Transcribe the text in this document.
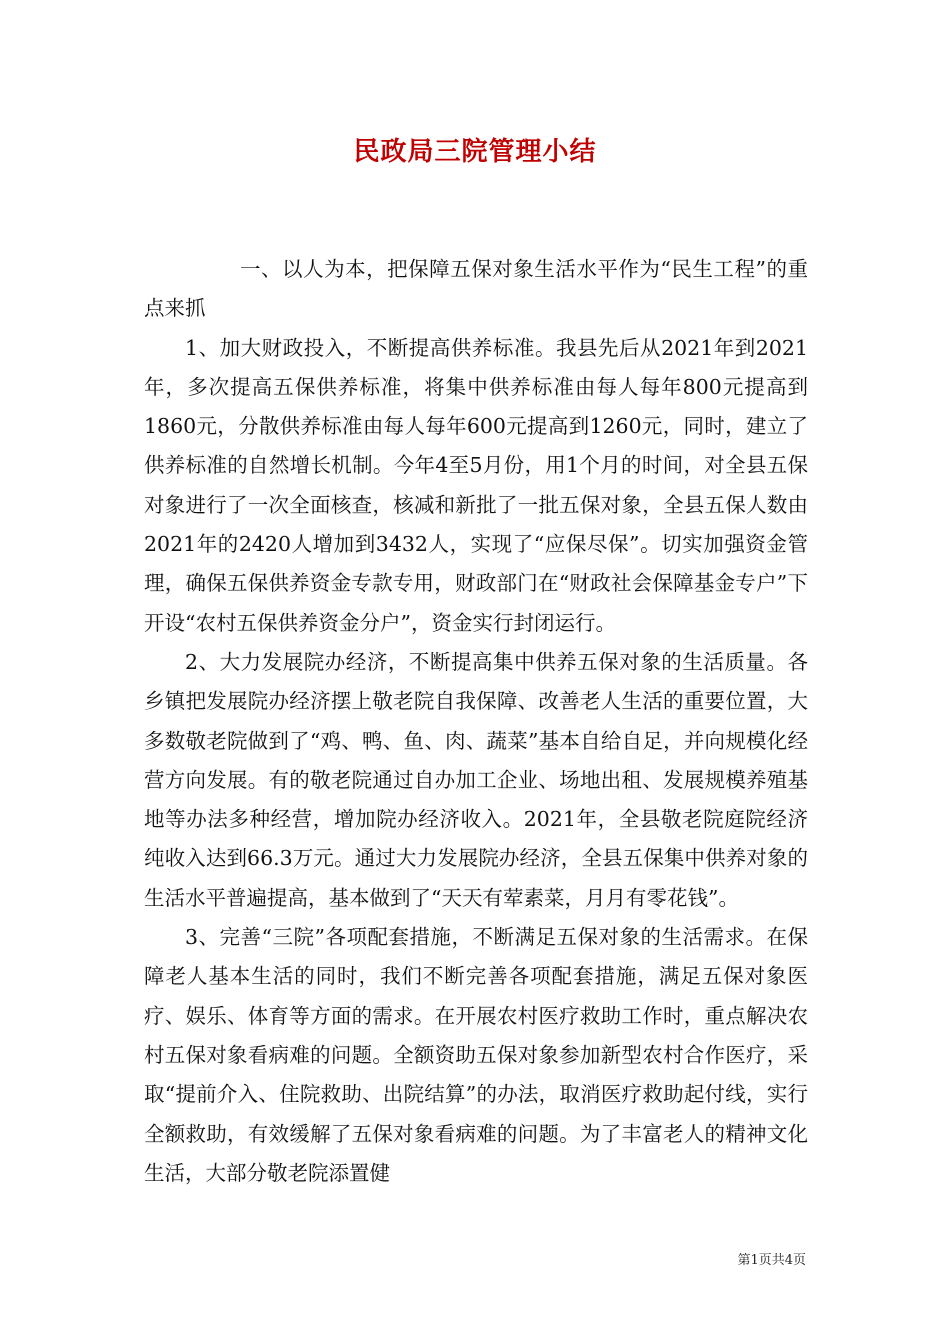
民政局三院管理小结

一、以人为本，把保障五保对象生活水平作为“民生工程”的重点来抓

1、加大财政投入，不断提高供养标准。我县先后从2021年到2021年，多次提高五保供养标准，将集中供养标准由每人每年800元提高到1860元，分散供养标准由每人每年600元提高到1260元，同时，建立了供养标准的自然增长机制。今年4至5月份，用1个月的时间，对全县五保对象进行了一次全面核查，核减和新批了一批五保对象，全县五保人数由2021年的2420人增加到3432人，实现了“应保尽保”。切实加强资金管理，确保五保供养资金专款专用，财政部门在“财政社会保障基金专户”下开设“农村五保供养资金分户”，资金实行封闭运行。

2、大力发展院办经济，不断提高集中供养五保对象的生活质量。各乡镇把发展院办经济摆上敬老院自我保障、改善老人生活的重要位置，大多数敬老院做到了“鸡、鸭、鱼、肉、蔬菜”基本自给自足，并向规模化经营方向发展。有的敬老院通过自办加工企业、场地出租、发展规模养殖基地等办法多种经营，增加院办经济收入。2021年，全县敬老院庭院经济纯收入达到66.3万元。通过大力发展院办经济，全县五保集中供养对象的生活水平普遍提高，基本做到了“天天有荤素菜，月月有零花钱”。

3、完善“三院”各项配套措施，不断满足五保对象的生活需求。在保障老人基本生活的同时，我们不断完善各项配套措施，满足五保对象医疗、娱乐、体育等方面的需求。在开展农村医疗救助工作时，重点解决农村五保对象看病难的问题。全额资助五保对象参加新型农村合作医疗，采取“提前介入、住院救助、出院结算”的办法，取消医疗救助起付线，实行全额救助，有效缓解了五保对象看病难的问题。为了丰富老人的精神文化生活，大部分敬老院添置健

第1页共4页
